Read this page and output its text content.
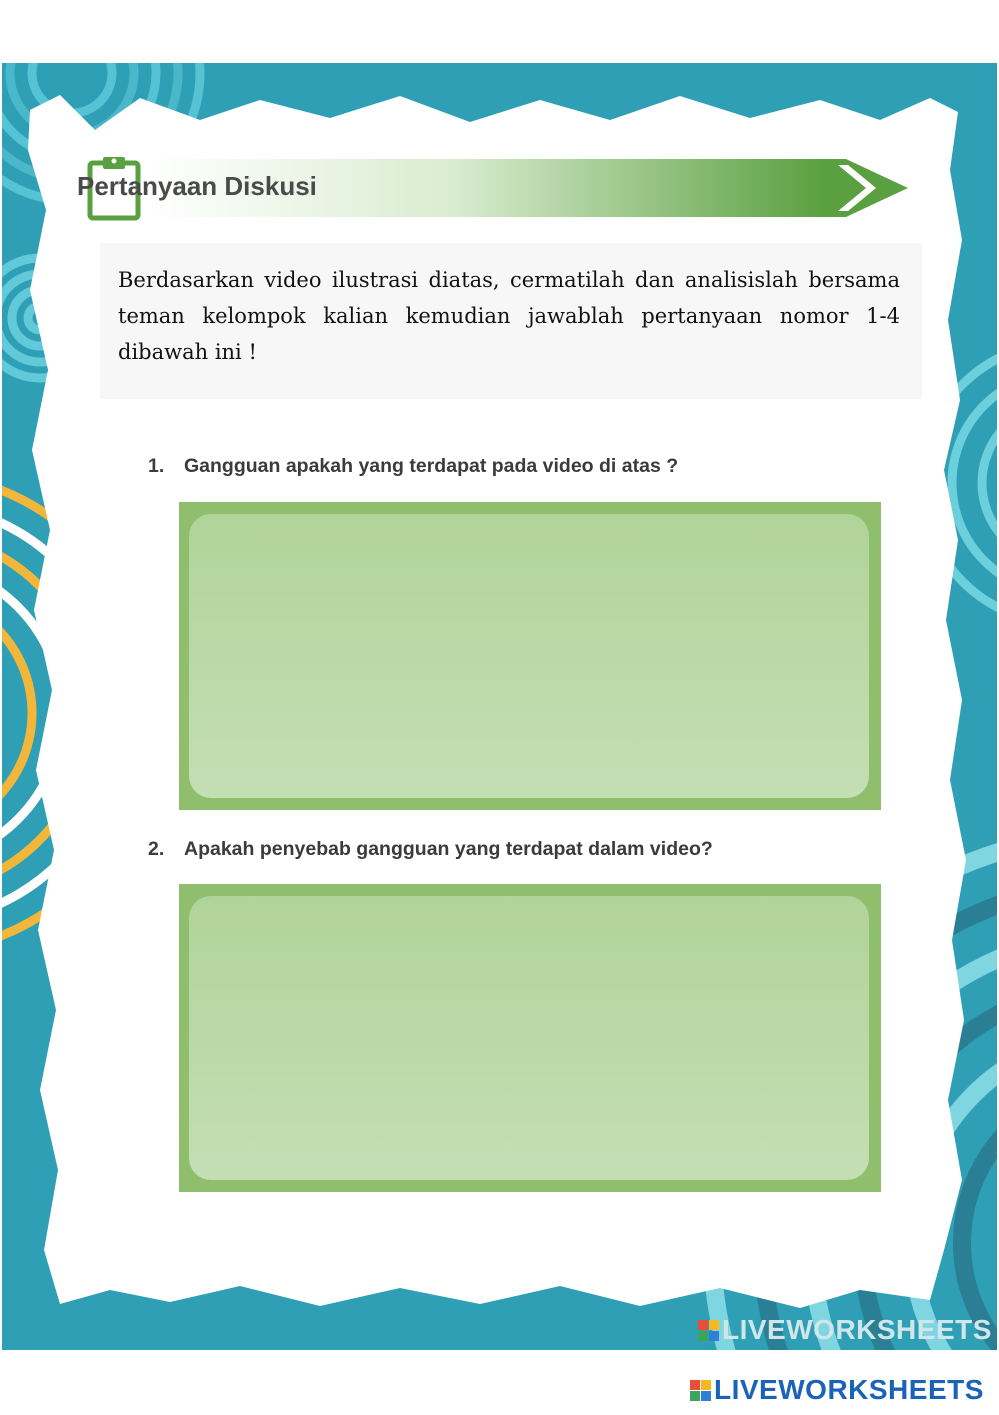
Pertanyaan Diskusi

Berdasarkan video ilustrasi diatas, cermatilah dan analisislah bersama teman kelompok kalian kemudian jawablah pertanyaan nomor 1-4 dibawah ini !

1. Gangguan apakah yang terdapat pada video di atas ?
2. Apakah penyebab gangguan yang terdapat dalam video?
LIVEWORKSHEETS
LIVEWORKSHEETS
